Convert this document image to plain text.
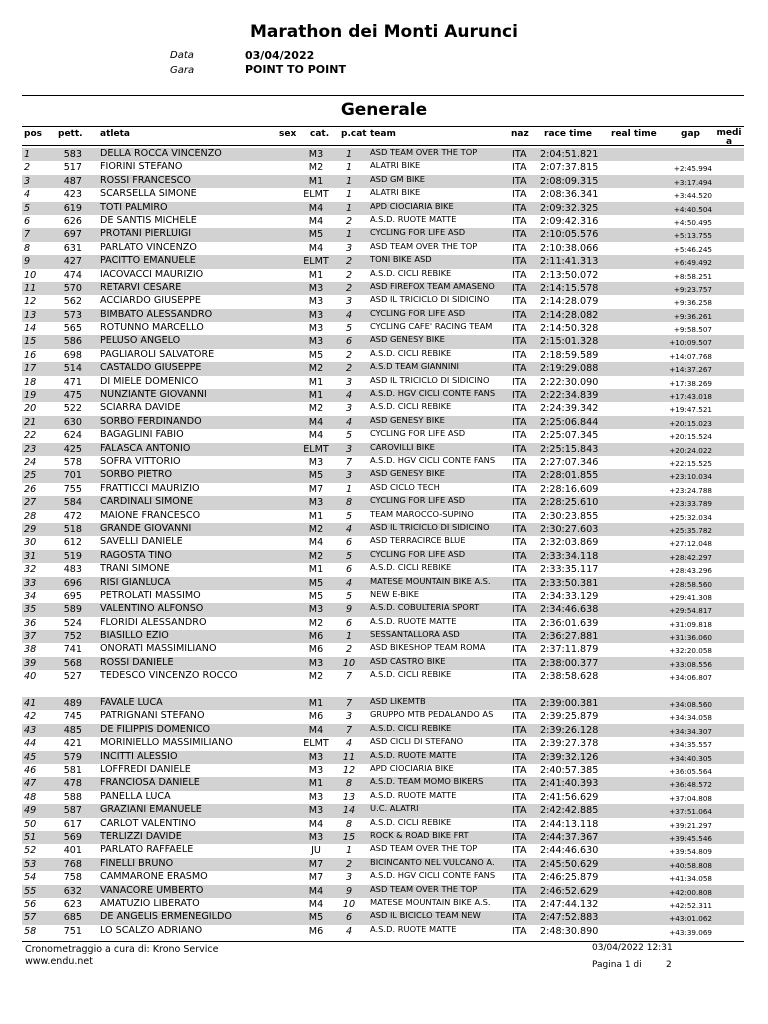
Marathon dei Monti Aurunci
Data	03/04/2022
Gara	POINT TO POINT
Generale
pos pett. atleta	sex cat. p.cat team	naz race time real time	gap medi a
1	583 DELLA ROCCA VINCENZO	M3	1	ASD TEAM OVER THE TOP	ITA 2:04:51.821
2	517 FIORINI STEFANO	M2	1	ALATRI BIKE	ITA 2:07:37.815	+2:45.994
3	487 ROSSI FRANCESCO	M1	1	ASD GM BIKE	ITA 2:08:09.315	+3:17.494
4	423 SCARSELLA SIMONE	ELMT	1	ALATRI BIKE	ITA 2:08:36.341	+3:44.520
5	619 TOTI PALMIRO	M4	1	APD CIOCIARIA BIKE	ITA 2:09:32.325	+4:40.504
6	626 DE SANTIS MICHELE	M4	2	A.S.D. RUOTE MATTE	ITA 2:09:42.316	+4:50.495
7	697 PROTANI PIERLUIGI	M5	1	CYCLING FOR LIFE ASD	ITA 2:10:05.576	+5:13.755
8	631 PARLATO VINCENZO	M4	3	ASD TEAM OVER THE TOP	ITA 2:10:38.066	+5:46.245
9	427 PACITTO EMANUELE	ELMT	2	TONI BIKE ASD	ITA 2:11:41.313	+6:49.492
10	474 IACOVACCI MAURIZIO	M1	2	A.S.D. CICLI REBIKE	ITA 2:13:50.072	+8:58.251
11	570 RETARVI CESARE	M3	2	ASD FIREFOX TEAM AMASENO ITA 2:14:15.578	+9:23.757
12	562 ACCIARDO GIUSEPPE	M3	3	ASD IL TRICICLO DI SIDICINO ITA 2:14:28.079	+9:36.258
13	573 BIMBATO ALESSANDRO	M3	4	CYCLING FOR LIFE ASD	ITA 2:14:28.082	+9:36.261
14	565 ROTUNNO MARCELLO	M3	5	CYCLING CAFE' RACING TEAM ITA 2:14:50.328	+9:58.507
15	586 PELUSO ANGELO	M3	6	ASD GENESY BIKE	ITA 2:15:01.328	+10:09.507
16	698 PAGLIAROLI SALVATORE	M5	2	A.S.D. CICLI REBIKE	ITA 2:18:59.589	+14:07.768
17	514 CASTALDO GIUSEPPE	M2	2	A.S.D TEAM GIANNINI	ITA 2:19:29.088	+14:37.267
18	471 DI MIELE DOMENICO	M1	3	ASD IL TRICICLO DI SIDICINO ITA 2:22:30.090	+17:38.269
19	475 NUNZIANTE GIOVANNI	M1	4	A.S.D. HGV CICLI CONTE FANS ITA 2:22:34.839	+17:43.018
20	522 SCIARRA DAVIDE	M2	3	A.S.D. CICLI REBIKE	ITA 2:24:39.342	+19:47.521
21	630 SORBO FERDINANDO	M4	4	ASD GENESY BIKE	ITA 2:25:06.844	+20:15.023
22	624 BAGAGLINI FABIO	M4	5	CYCLING FOR LIFE ASD	ITA 2:25:07.345	+20:15.524
23	425 FALASCA ANTONIO	ELMT	3	CAROVILLI BIKE	ITA 2:25:15.843	+20:24.022
24	578 SOFRA VITTORIO	M3	7	A.S.D. HGV CICLI CONTE FANS ITA 2:27:07.346	+22:15.525
25	701 SORBO PIETRO	M5	3	ASD GENESY BIKE	ITA 2:28:01.855	+23:10.034
26	755 FRATTICCI MAURIZIO	M7	1	ASD CICLO TECH	ITA 2:28:16.609	+23:24.788
27	584 CARDINALI SIMONE	M3	8	CYCLING FOR LIFE ASD	ITA 2:28:25.610	+23:33.789
28	472 MAIONE FRANCESCO	M1	5	TEAM MAROCCO-SUPINO	ITA 2:30:23.855	+25:32.034
29	518 GRANDE GIOVANNI	M2	4	ASD IL TRICICLO DI SIDICINO ITA 2:30:27.603	+25:35.782
30	612 SAVELLI DANIELE	M4	6	ASD TERRACIRCE BLUE	ITA 2:32:03.869	+27:12.048
31	519 RAGOSTA TINO	M2	5	CYCLING FOR LIFE ASD	ITA 2:33:34.118	+28:42.297
32	483 TRANI SIMONE	M1	6	A.S.D. CICLI REBIKE	ITA 2:33:35.117	+28:43.296
33	696 RISI GIANLUCA	M5	4	MATESE MOUNTAIN BIKE A.S. ITA 2:33:50.381	+28:58.560
34	695 PETROLATI MASSIMO	M5	5	NEW E-BIKE	ITA 2:34:33.129	+29:41.308
35	589 VALENTINO ALFONSO	M3	9	A.S.D. COBULTERIA SPORT	ITA 2:34:46.638	+29:54.817
36	524 FLORIDI ALESSANDRO	M2	6	A.S.D. RUOTE MATTE	ITA 2:36:01.639	+31:09.818
37	752 BIASILLO EZIO	M6	1	SESSANTALLORA ASD	ITA 2:36:27.881	+31:36.060
38	741 ONORATI MASSIMILIANO	M6	2	ASD BIKESHOP TEAM ROMA	ITA 2:37:11.879	+32:20.058
39	568 ROSSI DANIELE	M3	10 ASD CASTRO BIKE	ITA 2:38:00.377	+33:08.556
40	527 TEDESCO VINCENZO ROCCO	M2	7	A.S.D. CICLI REBIKE	ITA 2:38:58.628	+34:06.807
41	489 FAVALE LUCA	M1	7	ASD LIKEMTB	ITA 2:39:00.381	+34:08.560
42	745 PATRIGNANI STEFANO	M6	3	GRUPPO MTB PEDALANDO AS ITA 2:39:25.879	+34:34.058
43	485 DE FILIPPIS DOMENICO	M4	7	A.S.D. CICLI REBIKE	ITA 2:39:26.128	+34:34.307
44	421 MORINIELLO MASSIMILIANO	ELMT	4	ASD CICLI DI STEFANO	ITA 2:39:27.378	+34:35.557
45	579 INCITTI ALESSIO	M3	11 A.S.D. RUOTE MATTE	ITA 2:39:32.126	+34:40.305
46	581 LOFFREDI DANIELE	M3	12 APD CIOCIARIA BIKE	ITA 2:40:57.385	+36:05.564
47	478 FRANCIOSA DANIELE	M1	8	A.S.D. TEAM MOMO BIKERS	ITA 2:41:40.393	+36:48.572
48	588 PANELLA LUCA	M3	13 A.S.D. RUOTE MATTE	ITA 2:41:56.629	+37:04.808
49	587 GRAZIANI EMANUELE	M3	14 U.C. ALATRI	ITA 2:42:42.885	+37:51.064
50	617 CARLOT VALENTINO	M4	8	A.S.D. CICLI REBIKE	ITA 2:44:13.118	+39:21.297
51	569 TERLIZZI DAVIDE	M3	15 ROCK & ROAD BIKE FRT	ITA 2:44:37.367	+39:45.546
52	401 PARLATO RAFFAELE	JU	1	ASD TEAM OVER THE TOP	ITA 2:44:46.630	+39:54.809
53	768 FINELLI BRUNO	M7	2	BICINCANTO NEL VULCANO A. ITA 2:45:50.629	+40:58.808
54	758 CAMMARONE ERASMO	M7	3	A.S.D. HGV CICLI CONTE FANS ITA 2:46:25.879	+41:34.058
55	632 VANACORE UMBERTO	M4	9	ASD TEAM OVER THE TOP	ITA 2:46:52.629	+42:00.808
56	623 AMATUZIO LIBERATO	M4	10 MATESE MOUNTAIN BIKE A.S. ITA 2:47:44.132	+42:52.311
57	685 DE ANGELIS ERMENEGILDO	M5	6	ASD IL BICICLO TEAM NEW	ITA 2:47:52.883	+43:01.062
58	751 LO SCALZO ADRIANO	M6	4	A.S.D. RUOTE MATTE	ITA 2:48:30.890	+43:39.069
Cronometraggio a cura di: Krono Service
www.endu.net
03/04/2022 12:31
Pagina 1 di	2
